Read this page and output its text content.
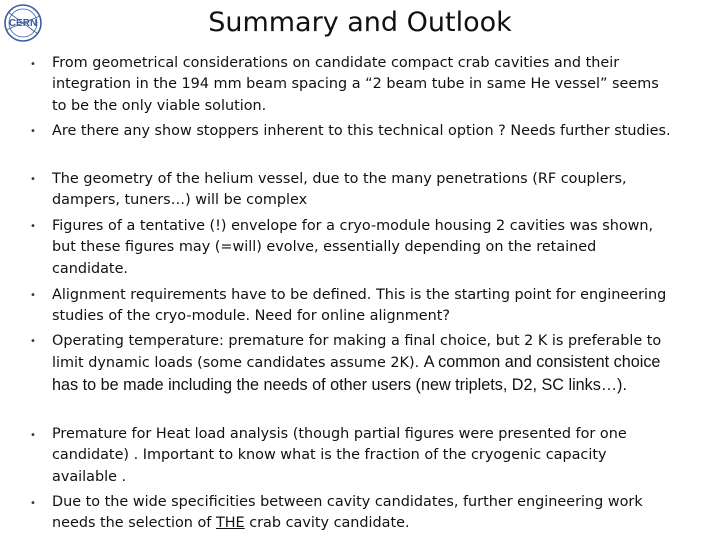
CERN	Summary and Outlook
• From geometrical considerations on candidate compact crab cavities and their integration in the 194 mm beam spacing a “2 beam tube in same He vessel” seems to be the only viable solution.
• Are there any show stoppers inherent to this technical option ? Needs further studies.
• The geometry of the helium vessel, due to the many penetrations (RF couplers, dampers, tuners…) will be complex
• Figures of a tentative (!) envelope for a cryo-module housing 2 cavities was shown, but these figures may (=will) evolve, essentially depending on the retained candidate.
• Alignment requirements have to be defined. This is the starting point for engineering studies of the cryo-module. Need for online alignment?
• Operating temperature: premature for making a final choice, but 2 K is preferable to limit dynamic loads (some candidates assume 2K). A common and consistent choice has to be made including the needs of other users (new triplets, D2, SC links…).
• Premature for Heat load analysis (though partial figures were presented for one candidate) . Important to know what is the fraction of the cryogenic capacity available .
• Due to the wide specificities between cavity candidates, further engineering work needs the selection of THE crab cavity candidate.
